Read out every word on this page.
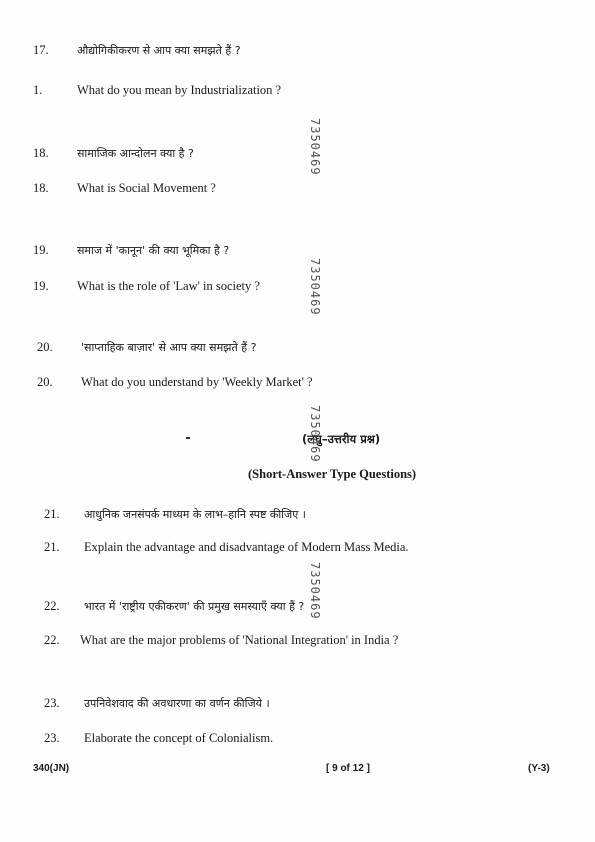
17.	औद्योगिकीकरण से आप क्या समझते हैं ?
1.	What do you mean by Industrialization ?
18.	सामाजिक आन्दोलन क्या है ?
18. What is Social Movement ?
19.	समाज में 'कानून' की क्या भूमिका है ?
19. What is the role of 'Law' in society ?
20.	'साप्ताहिक बाज़ार' से आप क्या समझते हैं ?
20. What do you understand by 'Weekly Market' ?
(लघु–उत्तरीय प्रश्न)
(Short-Answer Type Questions)
21. आधुनिक जनसंपर्क माध्यम के लाभ–हानि स्पष्ट कीजिए ।
21. Explain the advantage and disadvantage of Modern Mass Media.
22. भारत में 'राष्ट्रीय एकीकरण' की प्रमुख समस्याएँ क्या हैं ?
22. What are the major problems of 'National Integration' in India ?
23. उपनिवेशवाद की अवधारणा का वर्णन कीजिये ।
23. Elaborate the concept of Colonialism.
7350469
7350469
7350469
7350469
340(JN)	[ 9 of 12 ]	(Y-3)
